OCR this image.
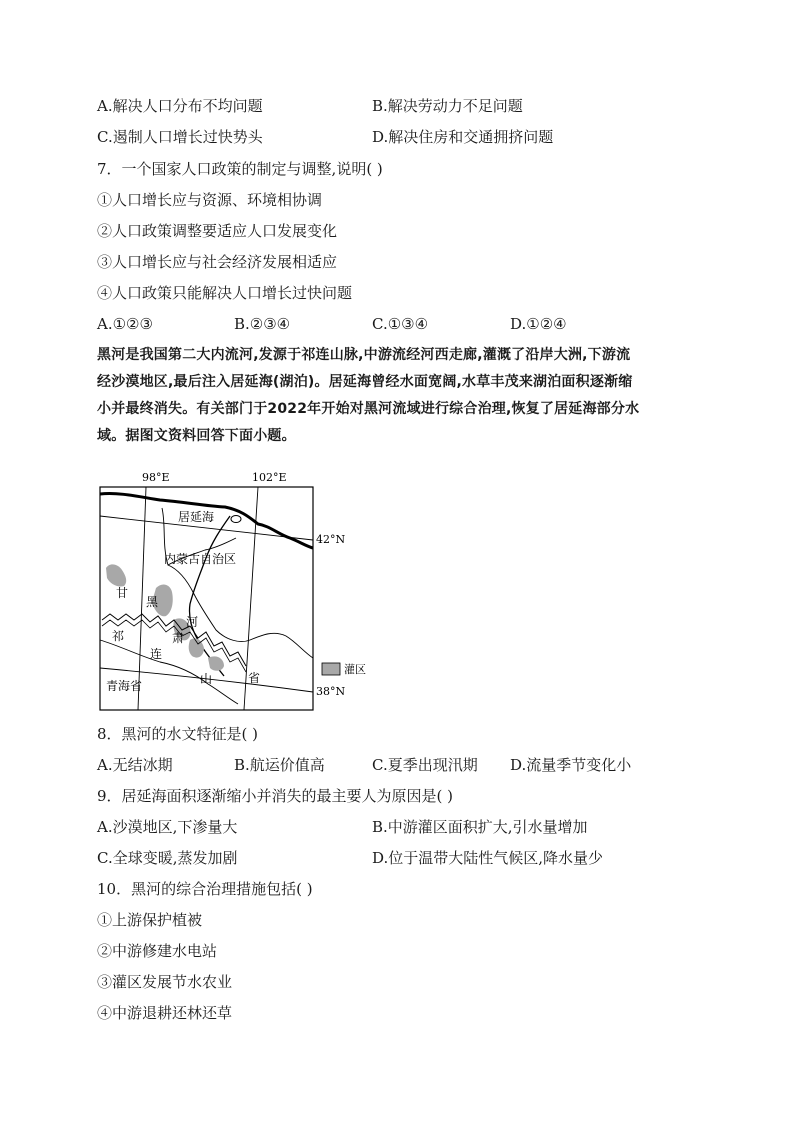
A.解决人口分布不均问题	B.解决劳动力不足问题
C.遏制人口增长过快势头	D.解决住房和交通拥挤问题
7．一个国家人口政策的制定与调整,说明( )
①人口增长应与资源、环境相协调
②人口政策调整要适应人口发展变化
③人口增长应与社会经济发展相适应
④人口政策只能解决人口增长过快问题
A.①②③	B.②③④	C.①③④	D.①②④
黑河是我国第二大内流河,发源于祁连山脉,中游流经河西走廊,灌溉了沿岸大洲,下游流
经沙漠地区,最后注入居延海(湖泊)。居延海曾经水面宽阔,水草丰茂来湖泊面积逐渐缩
小并最终消失。有关部门于2022年开始对黑河流域进行综合治理,恢复了居延海部分水
域。据图文资料回答下面小题。
98°E	102°E
42°N
38°N
居延海
内蒙古自治区
甘
肃
省
黑
河
祁
连
山
青海省
灌区
8．黑河的水文特征是( )
A.无结冰期	B.航运价值高	C.夏季出现汛期 D.流量季节变化小
9．居延海面积逐渐缩小并消失的最主要人为原因是( )
A.沙漠地区,下渗量大	B.中游灌区面积扩大,引水量增加
C.全球变暖,蒸发加剧	D.位于温带大陆性气候区,降水量少
10．黑河的综合治理措施包括( )
①上游保护植被
②中游修建水电站
③灌区发展节水农业
④中游退耕还林还草
